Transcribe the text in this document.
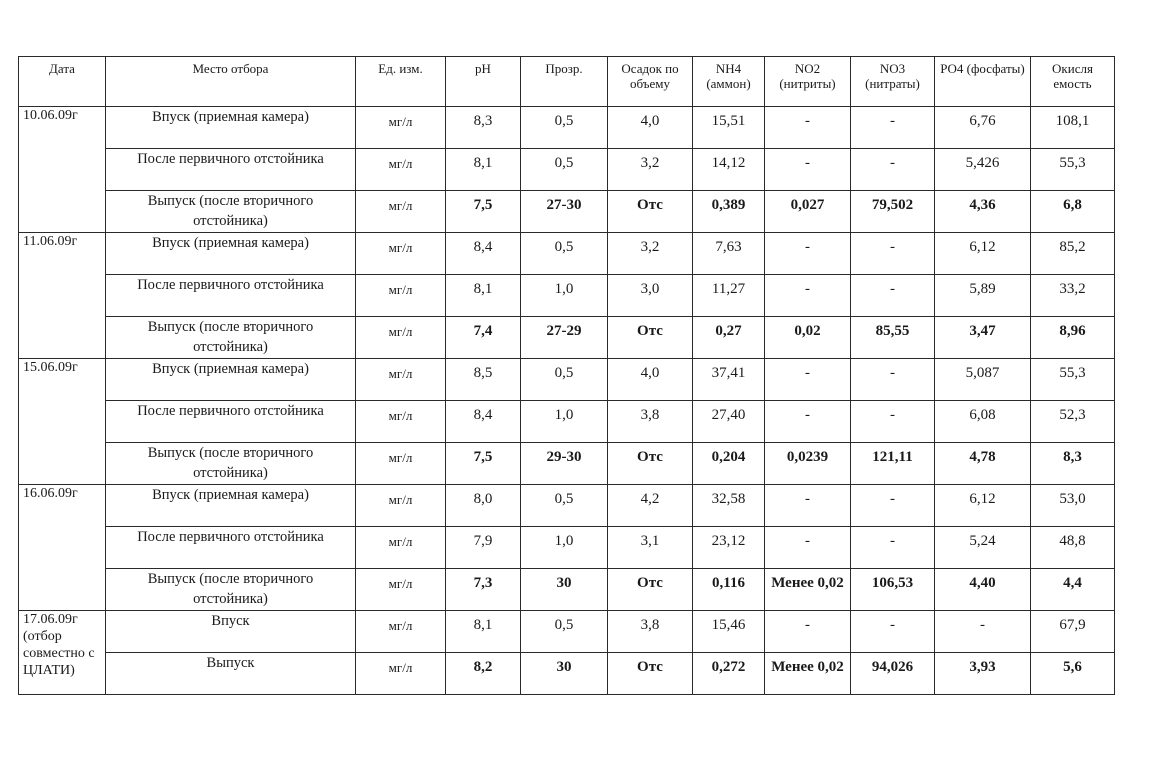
Дата	Место отбора	Ед. изм.	pH	Прозр.	Осадок по объему	NH4 (аммон)	NO2 (нитриты)	NO3 (нитраты)	PO4 (фосфаты)	Окисля емость
10.06.09г	Впуск (приемная камера)	мг/л	8,3	0,5	4,0	15,51	-	-	6,76	108,1
	После первичного отстойника	мг/л	8,1	0,5	3,2	14,12	-	-	5,426	55,3
	Выпуск (после вторичного отстойника)	мг/л	7,5	27-30	Отс	0,389	0,027	79,502	4,36	6,8
11.06.09г	Впуск (приемная камера)	мг/л	8,4	0,5	3,2	7,63	-	-	6,12	85,2
	После первичного отстойника	мг/л	8,1	1,0	3,0	11,27	-	-	5,89	33,2
	Выпуск (после вторичного отстойника)	мг/л	7,4	27-29	Отс	0,27	0,02	85,55	3,47	8,96
15.06.09г	Впуск (приемная камера)	мг/л	8,5	0,5	4,0	37,41	-	-	5,087	55,3
	После первичного отстойника	мг/л	8,4	1,0	3,8	27,40	-	-	6,08	52,3
	Выпуск (после вторичного отстойника)	мг/л	7,5	29-30	Отс	0,204	0,0239	121,11	4,78	8,3
16.06.09г	Впуск (приемная камера)	мг/л	8,0	0,5	4,2	32,58	-	-	6,12	53,0
	После первичного отстойника	мг/л	7,9	1,0	3,1	23,12	-	-	5,24	48,8
	Выпуск (после вторичного отстойника)	мг/л	7,3	30	Отс	0,116	Менее 0,02	106,53	4,40	4,4
17.06.09г (отбор совместно с ЦЛАТИ)	Впуск	мг/л	8,1	0,5	3,8	15,46	-	-	-	67,9
	Выпуск	мг/л	8,2	30	Отс	0,272	Менее 0,02	94,026	3,93	5,6
